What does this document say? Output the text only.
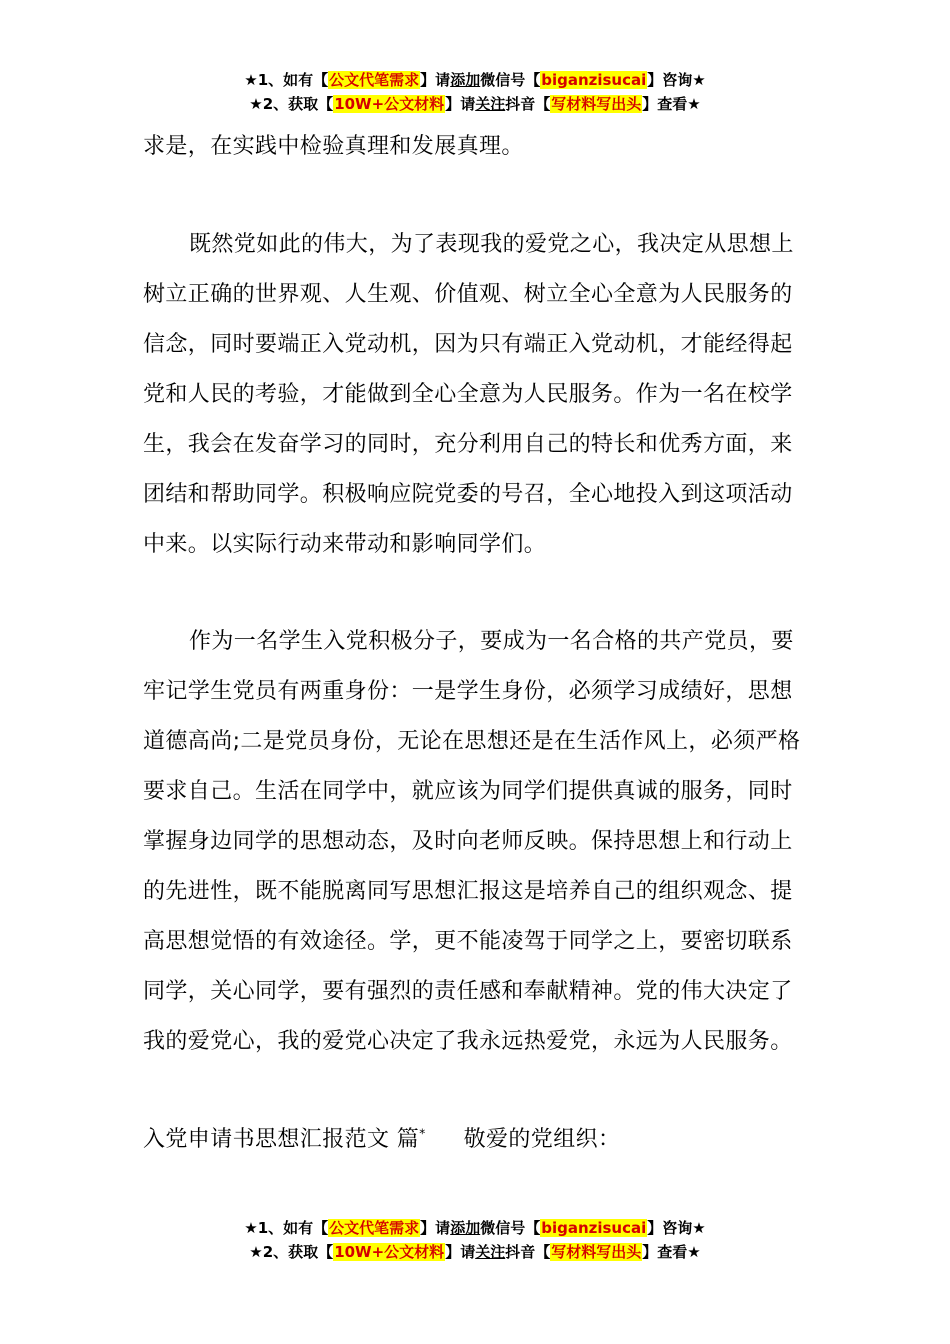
★1、如有【公文代笔需求】请添加微信号【biganzisucai】咨询★
★2、获取【10W+公文材料】请关注抖音【写材料写出头】查看★
求是，在实践中检验真理和发展真理。
既然党如此的伟大，为了表现我的爱党之心，我决定从思想上树立正确的世界观、人生观、价值观、树立全心全意为人民服务的信念，同时要端正入党动机，因为只有端正入党动机，才能经得起党和人民的考验，才能做到全心全意为人民服务。作为一名在校学生，我会在发奋学习的同时，充分利用自己的特长和优秀方面，来团结和帮助同学。积极响应院党委的号召，全心地投入到这项活动中来。以实际行动来带动和影响同学们。
作为一名学生入党积极分子，要成为一名合格的共产党员，要牢记学生党员有两重身份：一是学生身份，必须学习成绩好，思想道德高尚;二是党员身份，无论在思想还是在生活作风上，必须严格要求自己。生活在同学中，就应该为同学们提供真诚的服务，同时掌握身边同学的思想动态，及时向老师反映。保持思想上和行动上的先进性，既不能脱离同写思想汇报这是培养自己的组织观念、提高思想觉悟的有效途径。学，更不能凌驾于同学之上，要密切联系同学，关心同学，要有强烈的责任感和奉献精神。党的伟大决定了我的爱党心，我的爱党心决定了我永远热爱党，永远为人民服务。
入党申请书思想汇报范文 篇* 敬爱的党组织：
★1、如有【公文代笔需求】请添加微信号【biganzisucai】咨询★
★2、获取【10W+公文材料】请关注抖音【写材料写出头】查看★
